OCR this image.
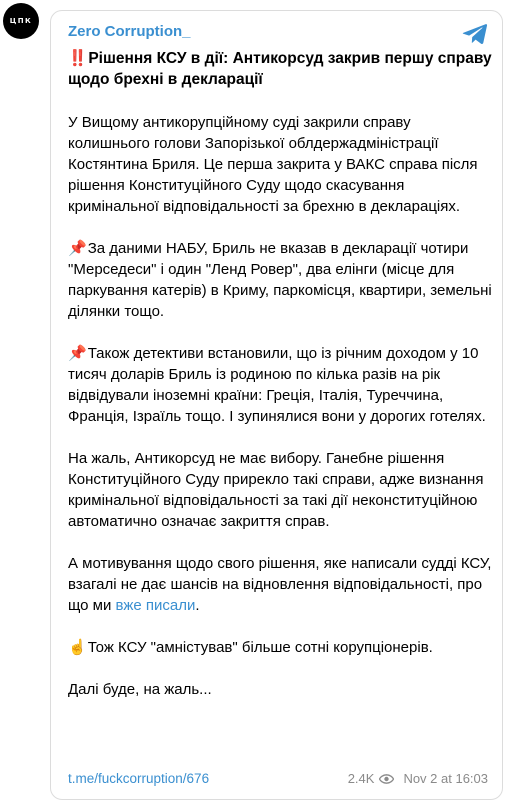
ЦПК
Zero Corruption_
‼️ Рішення КСУ в дії: Антикорсуд закрив першу справу щодо брехні в декларації
У Вищому антикорупційному суді закрили справу колишнього голови Запорізької облдержадміністрації Костянтина Бриля. Це перша закрита у ВАКС справа після рішення Конституційного Суду щодо скасування кримінальної відповідальності за брехню в деклараціях.
📌За даними НАБУ, Бриль не вказав в декларації чотири "Мерседеси" і один "Ленд Ровер", два елінги (місце для паркування катерів) в Криму, паркомісця, квартири, земельні ділянки тощо.
📌Також детективи встановили, що із річним доходом у 10 тисяч доларів Бриль із родиною по кілька разів на рік відвідували іноземні країни: Греція, Італія, Туреччина, Франція, Ізраїль тощо. І зупинялися вони у дорогих готелях.
На жаль, Антикорсуд не має вибору. Ганебне рішення Конституційного Суду прирекло такі справи, адже визнання кримінальної відповідальності за такі дії неконституційною автоматично означає закриття справ.
А мотивування щодо свого рішення, яке написали судді КСУ, взагалі не дає шансів на відновлення відповідальності, про що ми вже писали.
☝️Тож КСУ "амністував" більше сотні корупціонерів.
Далі буде, на жаль...
t.me/fuckcorruption/676	2.4K Nov 2 at 16:03
